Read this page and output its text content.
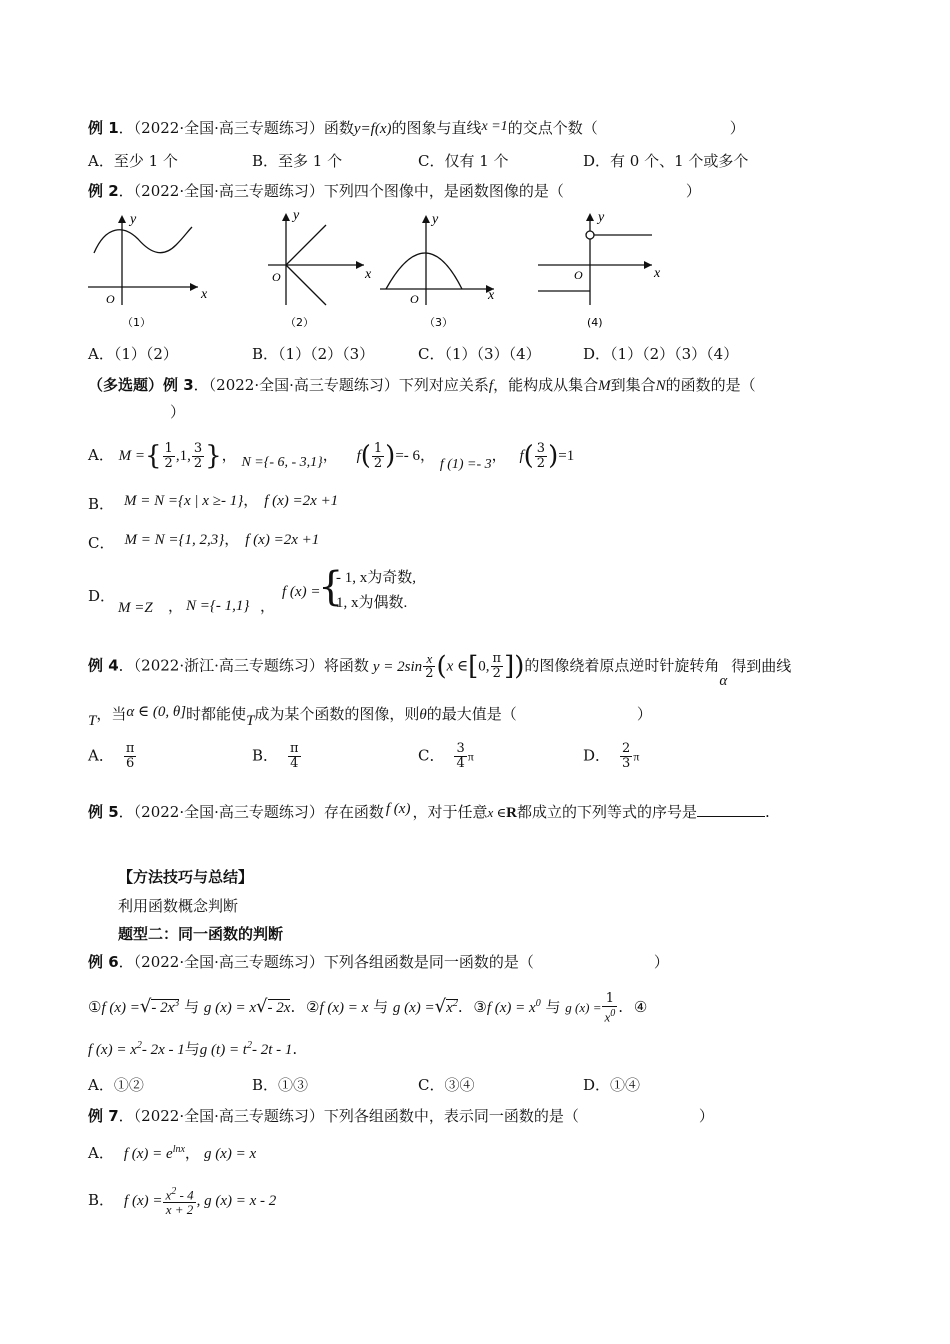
例 1．（2022·全国·高三专题练习）函数y=f(x)的图象与直线x =1的交点个数（	）
A．至少 1 个	B．至多 1 个	C．仅有 1 个	D．有 0 个、1 个或多个
例 2．（2022·全国·高三专题练习）下列四个图像中，是函数图像的是（	）
y
x
O
（1）
y
x
O
（2）
y
x
O
（3）
y
x
O
(4)
A．（1）（2）	B．（1）（2）（3）	C．（1）（3）（4）	D．（1）（2）（3）（4）
（多选题）例 3．（2022·全国·高三专题练习）下列对应关系f，能构成从集合M到集合N的函数的是（
）
A． M ={ $\frac{1}{2} ,1$, $\frac{3}{2}$ }， N ={- 6, - 3,1}， $f( \frac{1}{2}$ )=- 6， f (1) =- 3， $f( \frac{3}{2} )=1$
B． M = N ={x | x ≥- 1}， f (x) =2x +1
C． M = N ={1, 2,3}， f (x) =2x +1
D．
M =Z ， N ={- 1,1} ，
f (x) =
{
- 1, x为奇数,
1, x为偶数.
例 4．（2022·浙江·高三专题练习）将函数 $y = 2\sin \frac{x}{2} (x$ ∈[0, $\frac{\pi}{2}$ ])的图像绕着原点逆时针旋转角α得到曲线
T，当α ∈ (0, θ]时都能使T成为某个函数的图像，则θ的最大值是（	）
A． $\frac{\pi}{6}$	B． $\frac{\pi}{4}$	C． $\frac{3}{4}$ π	D． $\frac{2}{3}$ π
例 5．（2022·全国·高三专题练习）存在函数 f (x) ，对于任意x ∈R都成立的下列等式的序号是	.
【方法技巧与总结】
利用函数概念判断
题型二：同一函数的判断
例 6．（2022·全国·高三专题练习）下列各组函数是同一函数的是（	）
①f (x) =√- $2x^3$ 与 g (x) = x√- 2x. ②f (x) = x 与 g $(x) =√x^2$. ③f $(x) = x^0$ 与 g $(x) = \frac{1}{x^0}$ . ④
f $(x) = x^2-$ 2x - 1与g $(t) = t^2-$ 2t - 1.
A．①②	B．①③	C．③④	D．①④
例 7．（2022·全国·高三专题练习）下列各组函数中，表示同一函数的是（	）
A． f $(x) = e^{lnx}$， g (x) = x
B． f $(x) = \frac{x^2 - 4}{x + 2}$ , g (x) = x - 2
